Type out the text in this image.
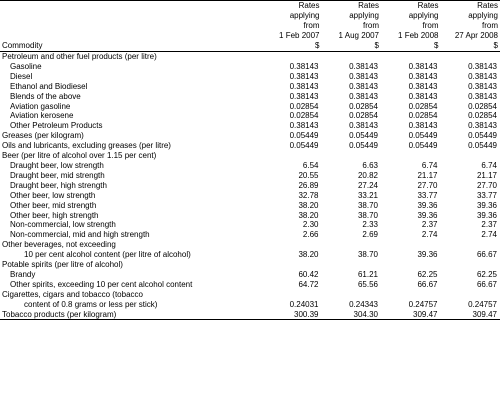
	Rates	Rates	Rates	Rates

	applying	applying	applying	applying
	from	from	from	from
	1 Feb 2007	1 Aug 2007	1 Feb 2008	27 Apr 2008
Commodity	$	$	$	$
Petroleum and other fuel products (per litre)				
Gasoline	0.38143	0.38143	0.38143	0.38143
Diesel	0.38143	0.38143	0.38143	0.38143
Ethanol and Biodiesel	0.38143	0.38143	0.38143	0.38143
Blends of the above	0.38143	0.38143	0.38143	0.38143
Aviation gasoline	0.02854	0.02854	0.02854	0.02854
Aviation kerosene	0.02854	0.02854	0.02854	0.02854
Other Petroleum Products	0.38143	0.38143	0.38143	0.38143
Greases (per kilogram)	0.05449	0.05449	0.05449	0.05449
Oils and lubricants, excluding greases (per litre)	0.05449	0.05449	0.05449	0.05449
Beer (per litre of alcohol over 1.15 per cent)				
Draught beer, low strength	6.54	6.63	6.74	6.74
Draught beer, mid strength	20.55	20.82	21.17	21.17
Draught beer, high strength	26.89	27.24	27.70	27.70
Other beer, low strength	32.78	33.21	33.77	33.77
Other beer, mid strength	38.20	38.70	39.36	39.36
Other beer, high strength	38.20	38.70	39.36	39.36
Non-commercial, low strength	2.30	2.33	2.37	2.37
Non-commercial, mid and high strength	2.66	2.69	2.74	2.74
Other beverages, not exceeding				
10 per cent alcohol content (per litre of alcohol)	38.20	38.70	39.36	66.67
Potable spirits (per litre of alcohol)				
Brandy	60.42	61.21	62.25	62.25
Other spirits, exceeding 10 per cent alcohol content	64.72	65.56	66.67	66.67
Cigarettes, cigars and tobacco (tobacco				
content of 0.8 grams or less per stick)	0.24031	0.24343	0.24757	0.24757
Tobacco products (per kilogram)	300.39	304.30	309.47	309.47
